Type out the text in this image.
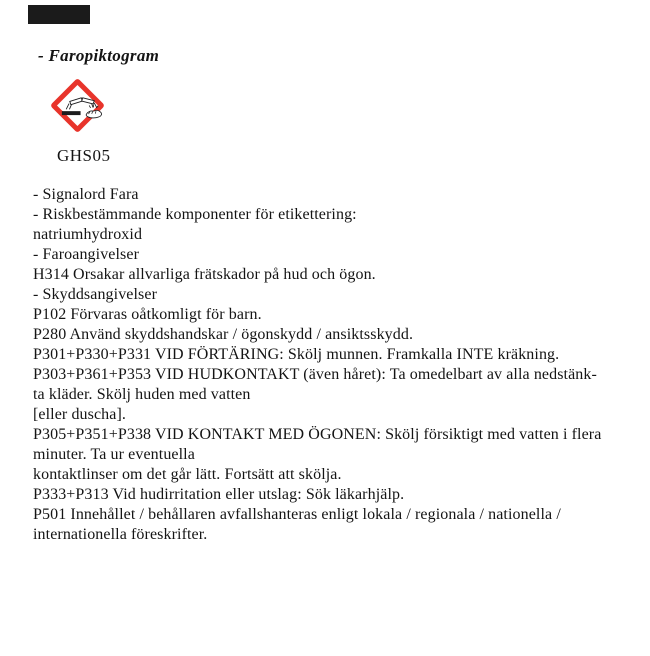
- Faropiktogram
GHS05
- Signalord Fara
- Riskbestämmande komponenter för etikettering:
natriumhydroxid
- Faroangivelser
H314 Orsakar allvarliga frätskador på hud och ögon.
- Skyddsangivelser
P102 Förvaras oåtkomligt för barn.
P280 Använd skyddshandskar / ögonskydd / ansiktsskydd.
P301+P330+P331 VID FÖRTÄRING: Skölj munnen. Framkalla INTE kräkning.
P303+P361+P353 VID HUDKONTAKT (även håret): Ta omedelbart av alla nedstänk-
ta kläder. Skölj huden med vatten
[eller duscha].
P305+P351+P338 VID KONTAKT MED ÖGONEN: Skölj försiktigt med vatten i flera
minuter. Ta ur eventuella
kontaktlinser om det går lätt. Fortsätt att skölja.
P333+P313 Vid hudirritation eller utslag: Sök läkarhjälp.
P501 Innehållet / behållaren avfallshanteras enligt lokala / regionala / nationella /
internationella föreskrifter.
